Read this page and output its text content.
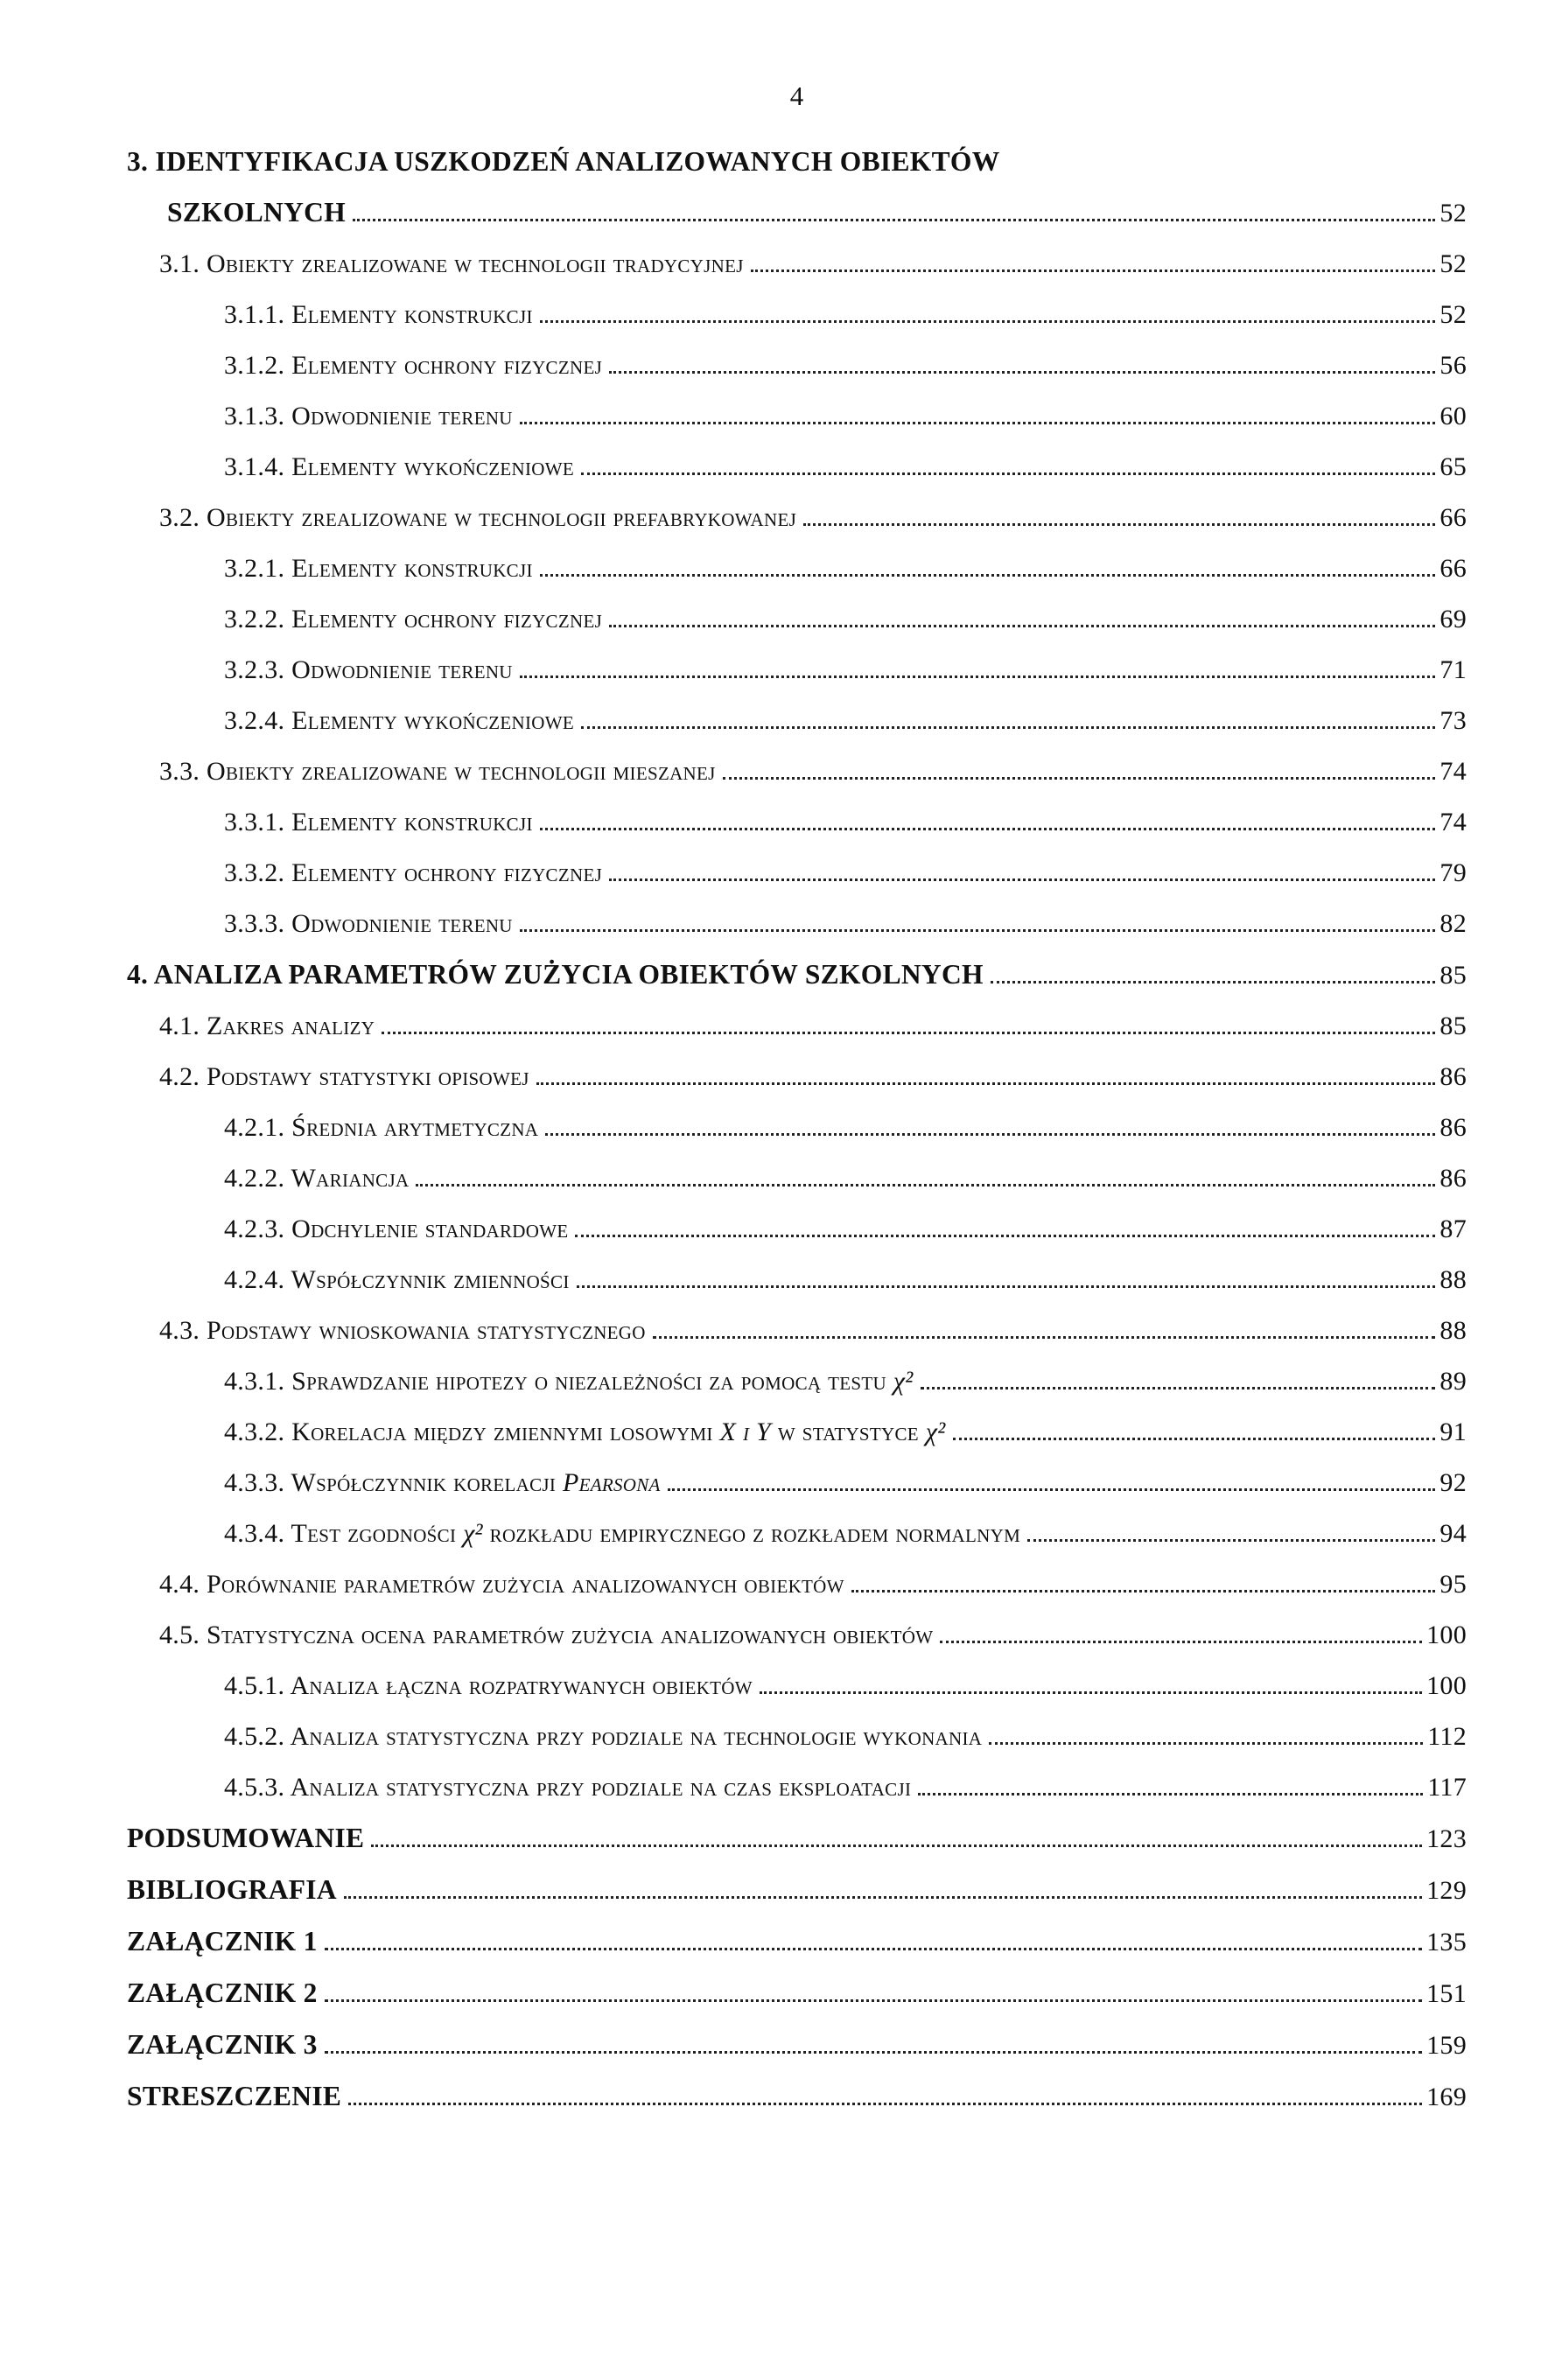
4
3. IDENTYFIKACJA USZKODZEŃ ANALIZOWANYCH OBIEKTÓW
SZKOLNYCH	52
3.1. Obiekty zrealizowane w technologii tradycyjnej	52
3.1.1. Elementy konstrukcji	52
3.1.2. Elementy ochrony fizycznej	56
3.1.3. Odwodnienie terenu	60
3.1.4. Elementy wykończeniowe	65
3.2. Obiekty zrealizowane w technologii prefabrykowanej	66
3.2.1. Elementy konstrukcji	66
3.2.2. Elementy ochrony fizycznej	69
3.2.3. Odwodnienie terenu	71
3.2.4. Elementy wykończeniowe	73
3.3. Obiekty zrealizowane w technologii mieszanej	74
3.3.1. Elementy konstrukcji	74
3.3.2. Elementy ochrony fizycznej	79
3.3.3. Odwodnienie terenu	82
4. ANALIZA PARAMETRÓW ZUŻYCIA OBIEKTÓW SZKOLNYCH	85
4.1. Zakres analizy	85
4.2. Podstawy statystyki opisowej	86
4.2.1. Średnia arytmetyczna	86
4.2.2. Wariancja	86
4.2.3. Odchylenie standardowe	87
4.2.4. Współczynnik zmienności	88
4.3. Podstawy wnioskowania statystycznego	88
4.3.1. Sprawdzanie hipotezy o niezależności za pomocą testu χ²	89
4.3.2. Korelacja między zmiennymi losowymi X i Y w statystyce χ²	91
4.3.3. Współczynnik korelacji Pearsona	92
4.3.4. Test zgodności χ² rozkładu empirycznego z rozkładem normalnym	94
4.4. Porównanie parametrów zużycia analizowanych obiektów	95
4.5. Statystyczna ocena parametrów zużycia analizowanych obiektów	100
4.5.1. Analiza łączna rozpatrywanych obiektów	100
4.5.2. Analiza statystyczna przy podziale na technologie wykonania	112
4.5.3. Analiza statystyczna przy podziale na czas eksploatacji	117
PODSUMOWANIE	123
BIBLIOGRAFIA	129
ZAŁĄCZNIK 1	135
ZAŁĄCZNIK 2	151
ZAŁĄCZNIK 3	159
STRESZCZENIE	169
